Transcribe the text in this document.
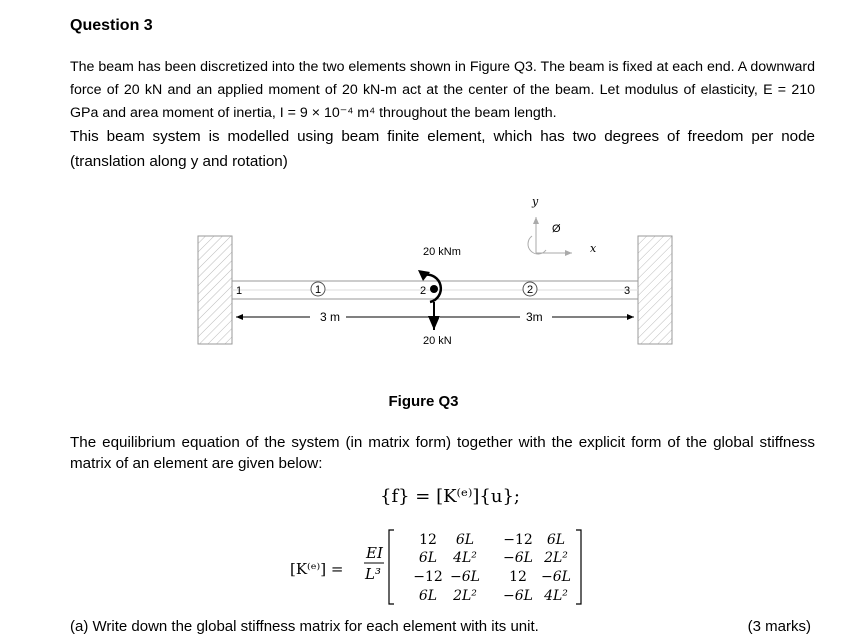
Question 3
The beam has been discretized into the two elements shown in Figure Q3. The beam is fixed at each end. A downward force of 20 kN and an applied moment of 20 kN-m act at the center of the beam. Let modulus of elasticity, E = 210 GPa and area moment of inertia, I = 9 × 10⁻⁴ m⁴ throughout the beam length.
This beam system is modelled using beam finite element, which has two degrees of freedom per node (translation along y and rotation)
1	2	3
1	2
3 m	3m
20 kNm
20 kN
y
x
Ø
Figure Q3
The equilibrium equation of the system (in matrix form) together with the explicit form of the global stiffness matrix of an element are given below:
{f} = [K⁽ᵉ⁾]{u};
[K⁽ᵉ⁾] =
EI
L³
12 6L −12 6L
6L 4L² −6L 2L²
−12 −6L 12 −6L
6L 2L² −6L 4L²
(a) Write down the global stiffness matrix for each element with its unit.	(3 marks)
